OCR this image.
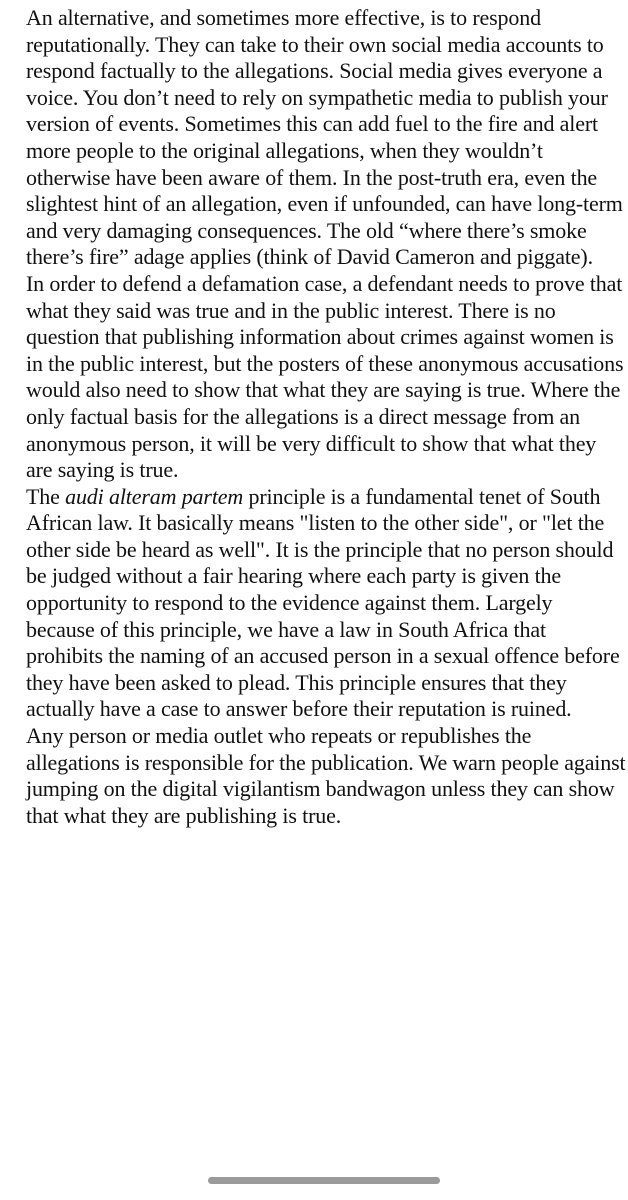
An alternative, and sometimes more effective, is to respond reputationally. They can take to their own social media accounts to respond factually to the allegations. Social media gives everyone a voice. You don’t need to rely on sympathetic media to publish your version of events. Sometimes this can add fuel to the fire and alert more people to the original allegations, when they wouldn’t otherwise have been aware of them. In the post-truth era, even the slightest hint of an allegation, even if unfounded, can have long-term and very damaging consequences. The old “where there’s smoke there’s fire” adage applies (think of David Cameron and piggate).

In order to defend a defamation case, a defendant needs to prove that what they said was true and in the public interest. There is no question that publishing information about crimes against women is in the public interest, but the posters of these anonymous accusations would also need to show that what they are saying is true. Where the only factual basis for the allegations is a direct message from an anonymous person, it will be very difficult to show that what they are saying is true.

The audi alteram partem principle is a fundamental tenet of South African law. It basically means "listen to the other side", or "let the other side be heard as well". It is the principle that no person should be judged without a fair hearing where each party is given the opportunity to respond to the evidence against them. Largely because of this principle, we have a law in South Africa that prohibits the naming of an accused person in a sexual offence before they have been asked to plead. This principle ensures that they actually have a case to answer before their reputation is ruined.

Any person or media outlet who repeats or republishes the allegations is responsible for the publication. We warn people against jumping on the digital vigilantism bandwagon unless they can show that what they are publishing is true.
